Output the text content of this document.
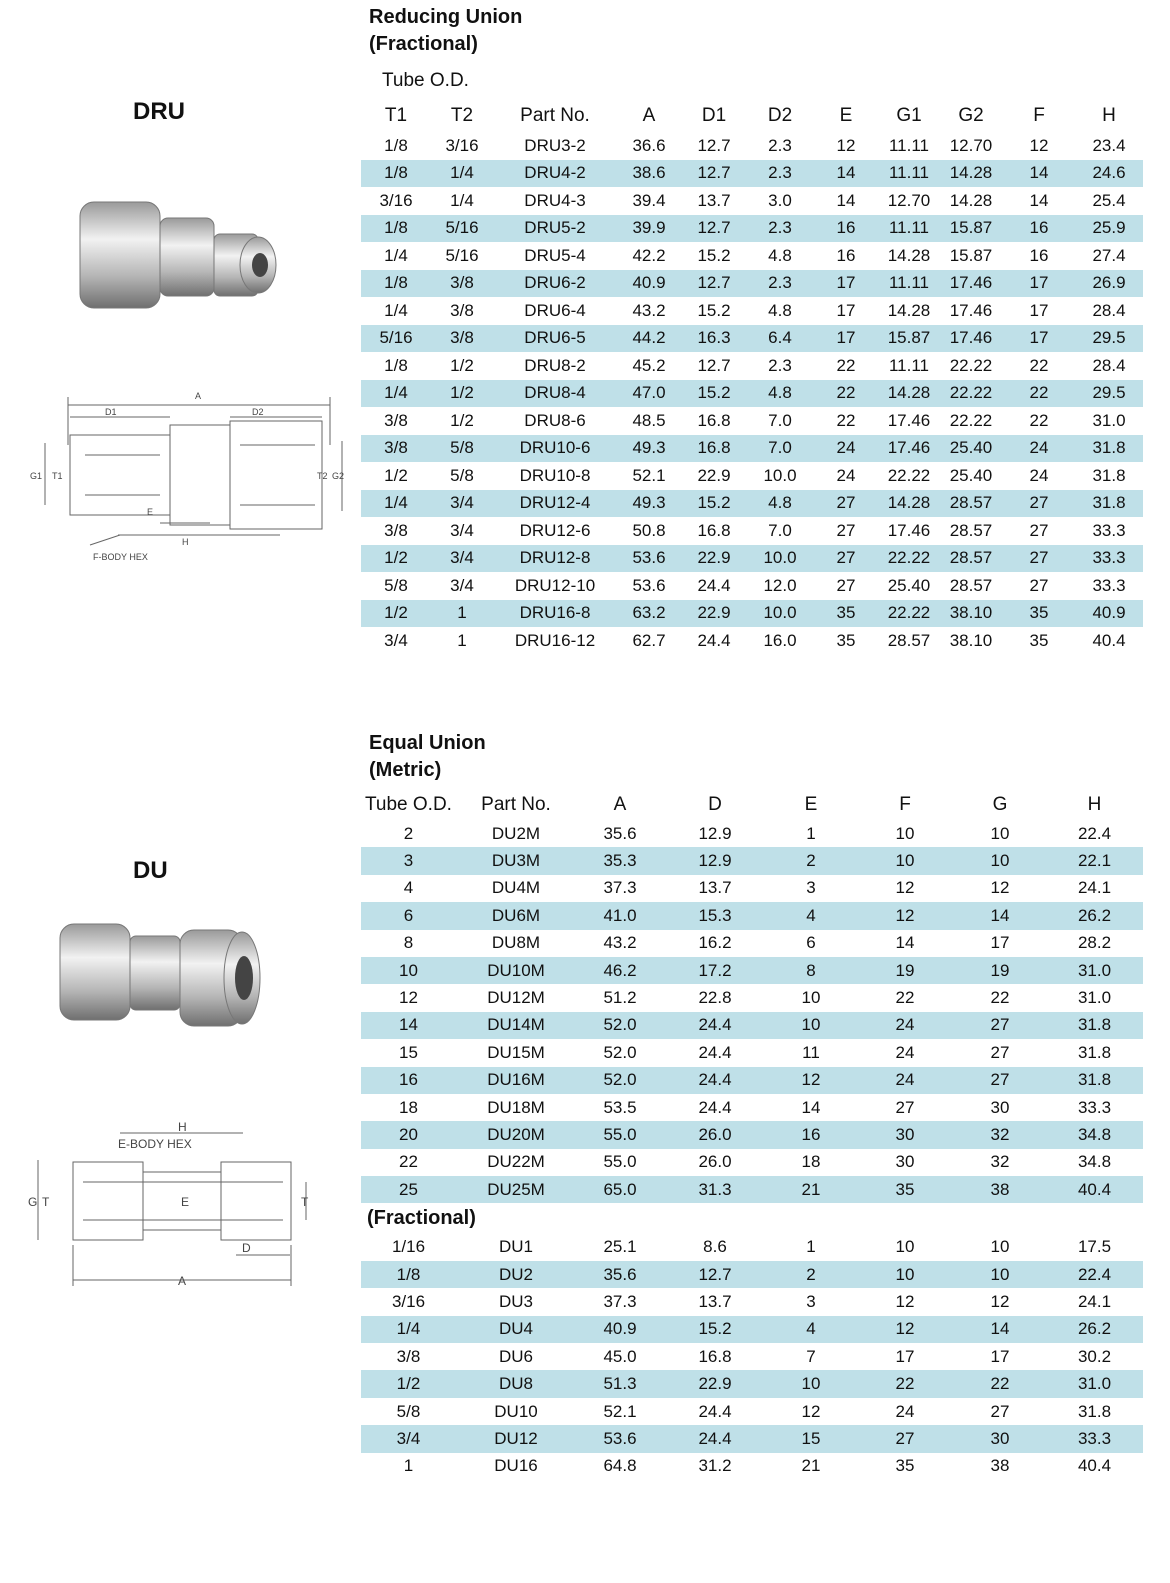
DRU
Reducing Union
(Fractional)
Tube O.D.
A
D1	D2
G1 T1	T2 G2
E
H
F-BODY HEX
T1	T2	Part No.	A	D1	D2	E	G1	G2	F	H
1/8	3/16	DRU3-2	36.6	12.7	2.3	12	11.11	12.70	12	23.4
1/8	1/4	DRU4-2	38.6	12.7	2.3	14	11.11	14.28	14	24.6
3/16	1/4	DRU4-3	39.4	13.7	3.0	14	12.70	14.28	14	25.4
1/8	5/16	DRU5-2	39.9	12.7	2.3	16	11.11	15.87	16	25.9
1/4	5/16	DRU5-4	42.2	15.2	4.8	16	14.28	15.87	16	27.4
1/8	3/8	DRU6-2	40.9	12.7	2.3	17	11.11	17.46	17	26.9
1/4	3/8	DRU6-4	43.2	15.2	4.8	17	14.28	17.46	17	28.4
5/16	3/8	DRU6-5	44.2	16.3	6.4	17	15.87	17.46	17	29.5
1/8	1/2	DRU8-2	45.2	12.7	2.3	22	11.11	22.22	22	28.4
1/4	1/2	DRU8-4	47.0	15.2	4.8	22	14.28	22.22	22	29.5
3/8	1/2	DRU8-6	48.5	16.8	7.0	22	17.46	22.22	22	31.0
3/8	5/8	DRU10-6	49.3	16.8	7.0	24	17.46	25.40	24	31.8
1/2	5/8	DRU10-8	52.1	22.9	10.0	24	22.22	25.40	24	31.8
1/4	3/4	DRU12-4	49.3	15.2	4.8	27	14.28	28.57	27	31.8
3/8	3/4	DRU12-6	50.8	16.8	7.0	27	17.46	28.57	27	33.3
1/2	3/4	DRU12-8	53.6	22.9	10.0	27	22.22	28.57	27	33.3
5/8	3/4	DRU12-10	53.6	24.4	12.0	27	25.40	28.57	27	33.3
1/2	1	DRU16-8	63.2	22.9	10.0	35	22.22	38.10	35	40.9
3/4	1	DRU16-12	62.7	24.4	16.0	35	28.57	38.10	35	40.4
DU
Equal Union
(Metric)
H
E-BODY HEX
G T	E	T
D
A
Tube O.D.	Part No.	A	D	E	F	G	H
2	DU2M	35.6	12.9	1	10	10	22.4
3	DU3M	35.3	12.9	2	10	10	22.1
4	DU4M	37.3	13.7	3	12	12	24.1
6	DU6M	41.0	15.3	4	12	14	26.2
8	DU8M	43.2	16.2	6	14	17	28.2
10	DU10M	46.2	17.2	8	19	19	31.0
12	DU12M	51.2	22.8	10	22	22	31.0
14	DU14M	52.0	24.4	10	24	27	31.8
15	DU15M	52.0	24.4	11	24	27	31.8
16	DU16M	52.0	24.4	12	24	27	31.8
18	DU18M	53.5	24.4	14	27	30	33.3
20	DU20M	55.0	26.0	16	30	32	34.8
22	DU22M	55.0	26.0	18	30	32	34.8
25	DU25M	65.0	31.3	21	35	38	40.4
(Fractional)							
1/16	DU1	25.1	8.6	1	10	10	17.5
1/8	DU2	35.6	12.7	2	10	10	22.4
3/16	DU3	37.3	13.7	3	12	12	24.1
1/4	DU4	40.9	15.2	4	12	14	26.2
3/8	DU6	45.0	16.8	7	17	17	30.2
1/2	DU8	51.3	22.9	10	22	22	31.0
5/8	DU10	52.1	24.4	12	24	27	31.8
3/4	DU12	53.6	24.4	15	27	30	33.3
1	DU16	64.8	31.2	21	35	38	40.4
